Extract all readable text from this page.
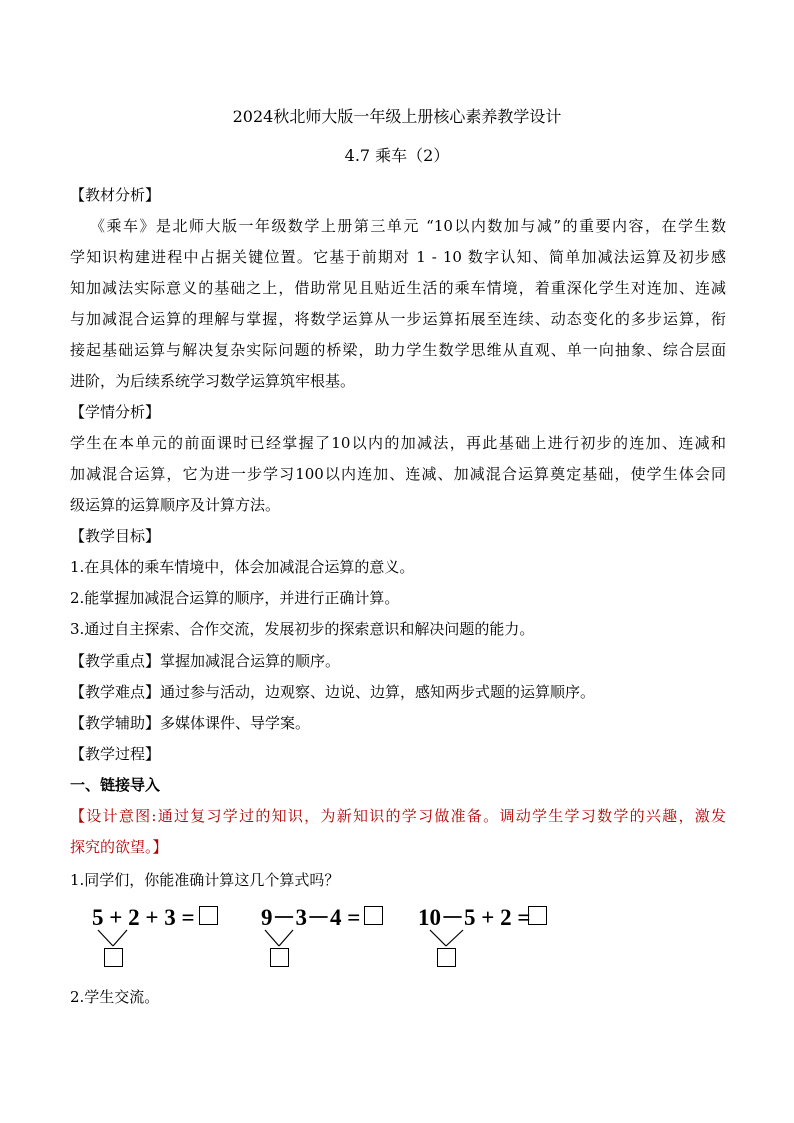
2024秋北师大版一年级上册核心素养教学设计
4.7 乘车（2）
【教材分析】
《乘车》是北师大版一年级数学上册第三单元 “10以内数加与减”的重要内容，在学生数
学知识构建进程中占据关键位置。它基于前期对 1 - 10 数字认知、简单加减法运算及初步感
知加减法实际意义的基础之上，借助常见且贴近生活的乘车情境，着重深化学生对连加、连减
与加减混合运算的理解与掌握，将数学运算从一步运算拓展至连续、动态变化的多步运算，衔
接起基础运算与解决复杂实际问题的桥梁，助力学生数学思维从直观、单一向抽象、综合层面
进阶，为后续系统学习数学运算筑牢根基。
【学情分析】
学生在本单元的前面课时已经掌握了10以内的加减法，再此基础上进行初步的连加、连减和
加减混合运算，它为进一步学习100以内连加、连减、加减混合运算奠定基础，使学生体会同
级运算的运算顺序及计算方法。
【教学目标】
1.在具体的乘车情境中，体会加减混合运算的意义。
2.能掌握加减混合运算的顺序，并进行正确计算。
3.通过自主探索、合作交流，发展初步的探索意识和解决问题的能力。
【教学重点】掌握加减混合运算的顺序。
【教学难点】通过参与活动，边观察、边说、边算，感知两步式题的运算顺序。
【教学辅助】多媒体课件、导学案。
【教学过程】
一、链接导入
【设计意图:通过复习学过的知识，为新知识的学习做准备。调动学生学习数学的兴趣，激发
探究的欲望。】
1.同学们，你能准确计算这几个算式吗？
5 + 2 + 3 =	9－3－4 =	10－5 + 2 =
2.学生交流。
